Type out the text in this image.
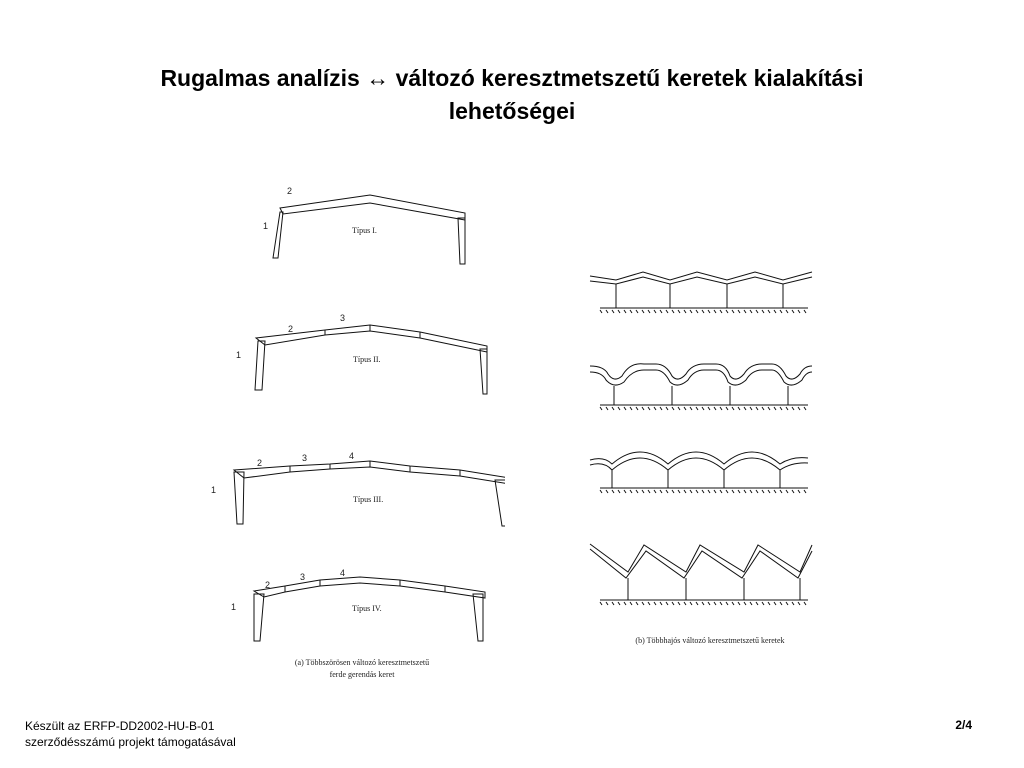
Rugalmas analízis ↔ változó keresztmetszetű keretek kialakítási
lehetőségei
2
1	Típus I.
3
2
1	Típus II.
4
3
2
1
Típus III.
4
3
2
1	Típus IV.
(a) Többszörösen változó keresztmetszetű
ferde gerendás keret
(b) Többhajós változó keresztmetszetű keretek
Készült az ERFP-DD2002-HU-B-01
szerződésszámú projekt támogatásával
2/4
